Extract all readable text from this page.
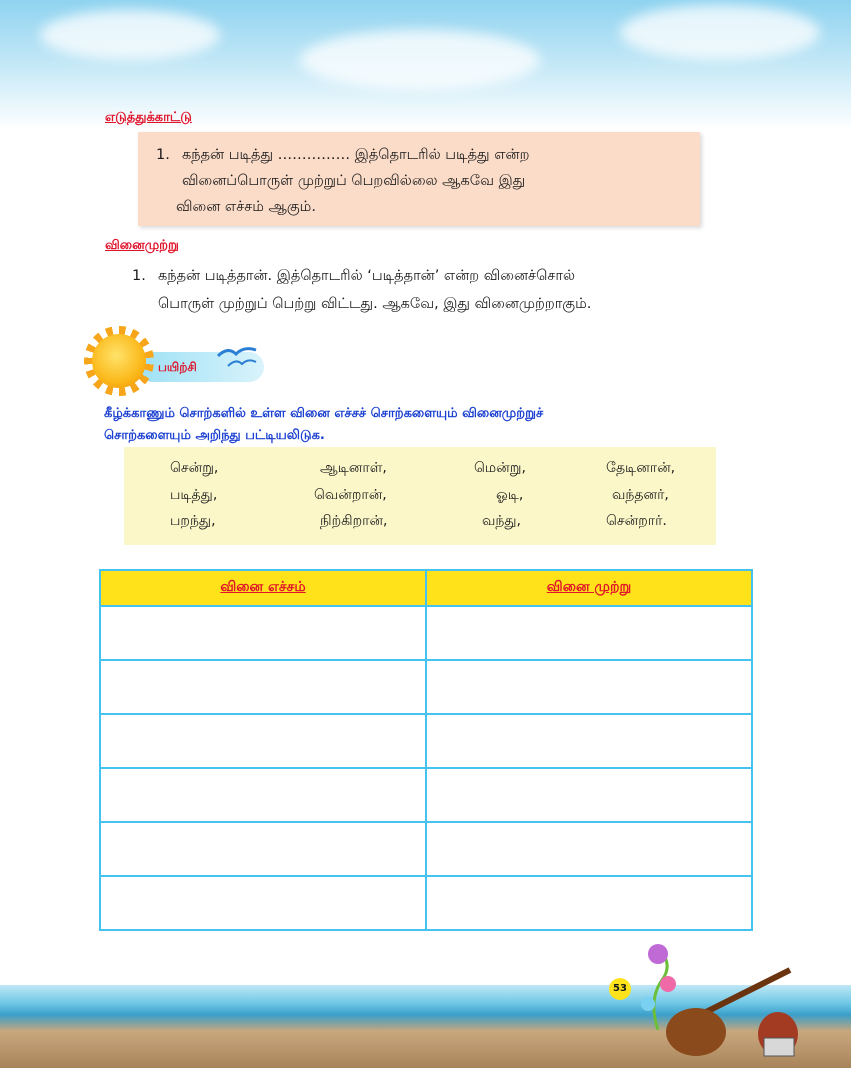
எடுத்துக்காட்டு
1. கந்தன் படித்து …………… இத்தொடரில் படித்து என்ற
வினைப்பொருள் முற்றுப் பெறவில்லை ஆகவே இது
வினை எச்சம் ஆகும்.
வினைமுற்று
1. கந்தன் படித்தான். இத்தொடரில் ‘படித்தான்’ என்ற வினைச்சொல்
பொருள் முற்றுப் பெற்று விட்டது. ஆகவே, இது வினைமுற்றாகும்.
பயிற்சி
கீழ்க்காணும் சொற்களில் உள்ள வினை எச்சச் சொற்களையும் வினைமுற்றுச்
சொற்களையும் அறிந்து பட்டியலிடுக.
சென்று,	ஆடினாள்,	மென்று,	தேடினான்,
படித்து,	வென்றான்,	ஓடி,	வந்தனர்,
பறந்து,	நிற்கிறான்,	வந்து,	சென்றார்.
வினை எச்சம்	வினை முற்று

53
